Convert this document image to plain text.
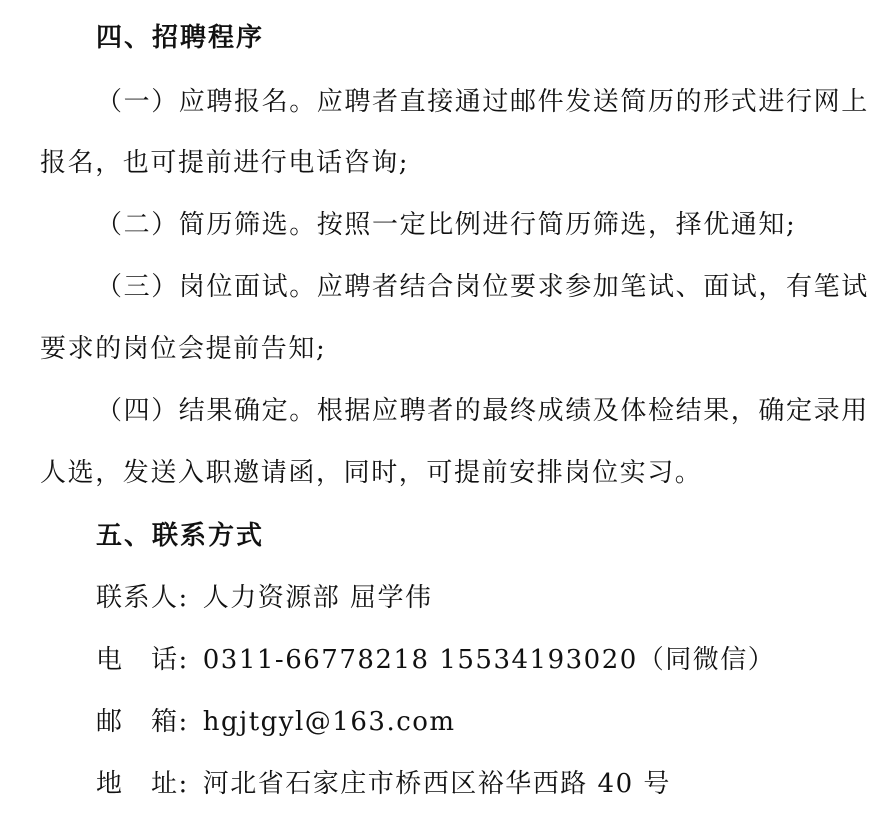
四、招聘程序
（一）应聘报名。应聘者直接通过邮件发送简历的形式进行网上
报名，也可提前进行电话咨询;
（二）简历筛选。按照一定比例进行简历筛选，择优通知;
（三）岗位面试。应聘者结合岗位要求参加笔试、面试，有笔试
要求的岗位会提前告知;
（四）结果确定。根据应聘者的最终成绩及体检结果，确定录用
人选，发送入职邀请函，同时，可提前安排岗位实习。
五、联系方式
联系人: 人力资源部 屈学伟
电　话: 0311-66778218 15534193020（同微信）
邮　箱: hgjtgyl@163.com
地　址: 河北省石家庄市桥西区裕华西路 40 号
